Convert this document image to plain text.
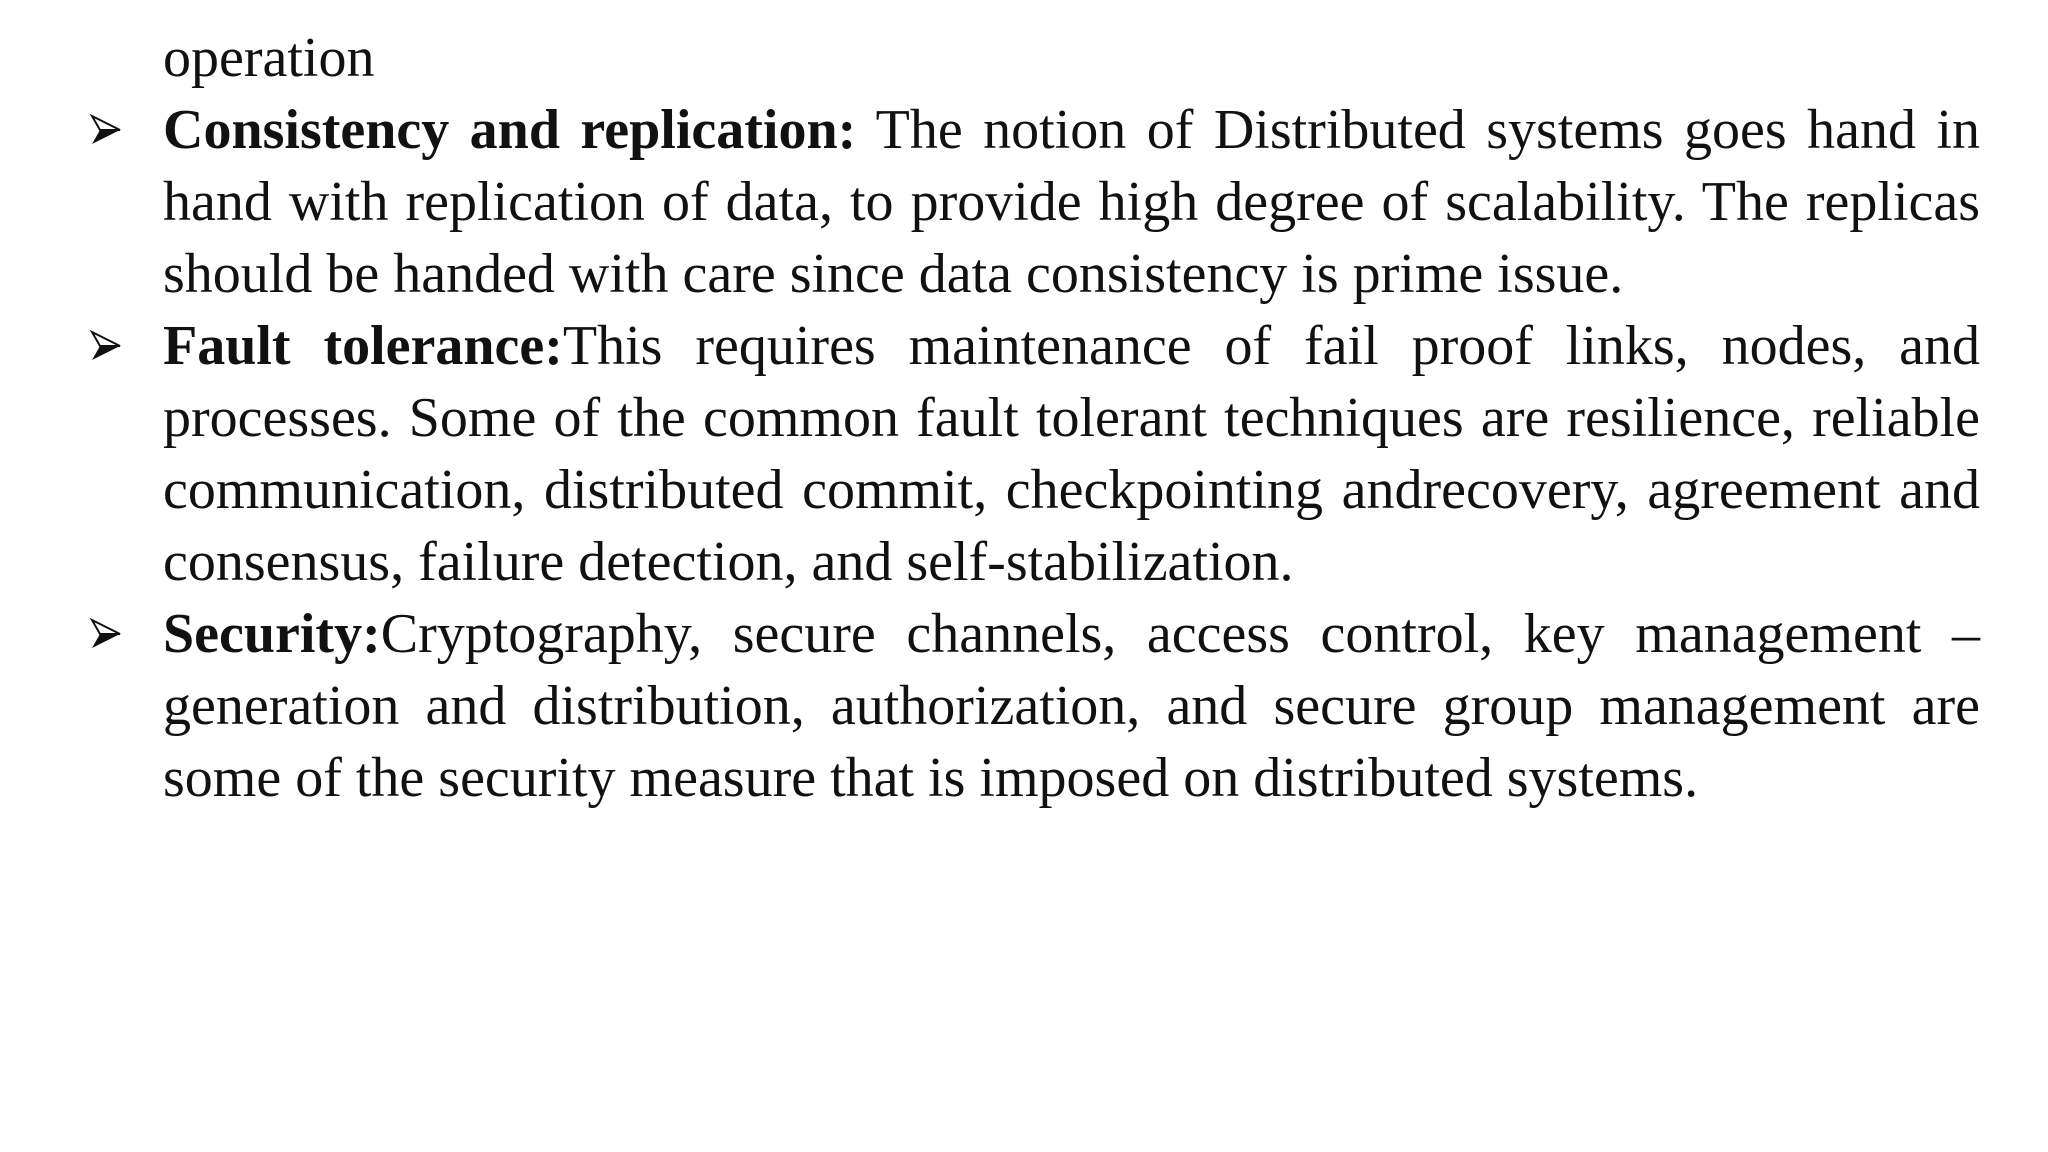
operation

Consistency and replication: The notion of Distributed systems goes hand in hand with replication of data, to provide high degree of scalability. The replicas should be handed with care since data consistency is prime issue.
Fault tolerance:This requires maintenance of fail proof links, nodes, and processes. Some of the common fault tolerant techniques are resilience, reliable communication, distributed commit, checkpointing andrecovery, agreement and consensus, failure detection, and self-stabilization.
Security:Cryptography, secure channels, access control, key management – generation and distribution, authorization, and secure group management are some of the security measure that is imposed on distributed systems.
